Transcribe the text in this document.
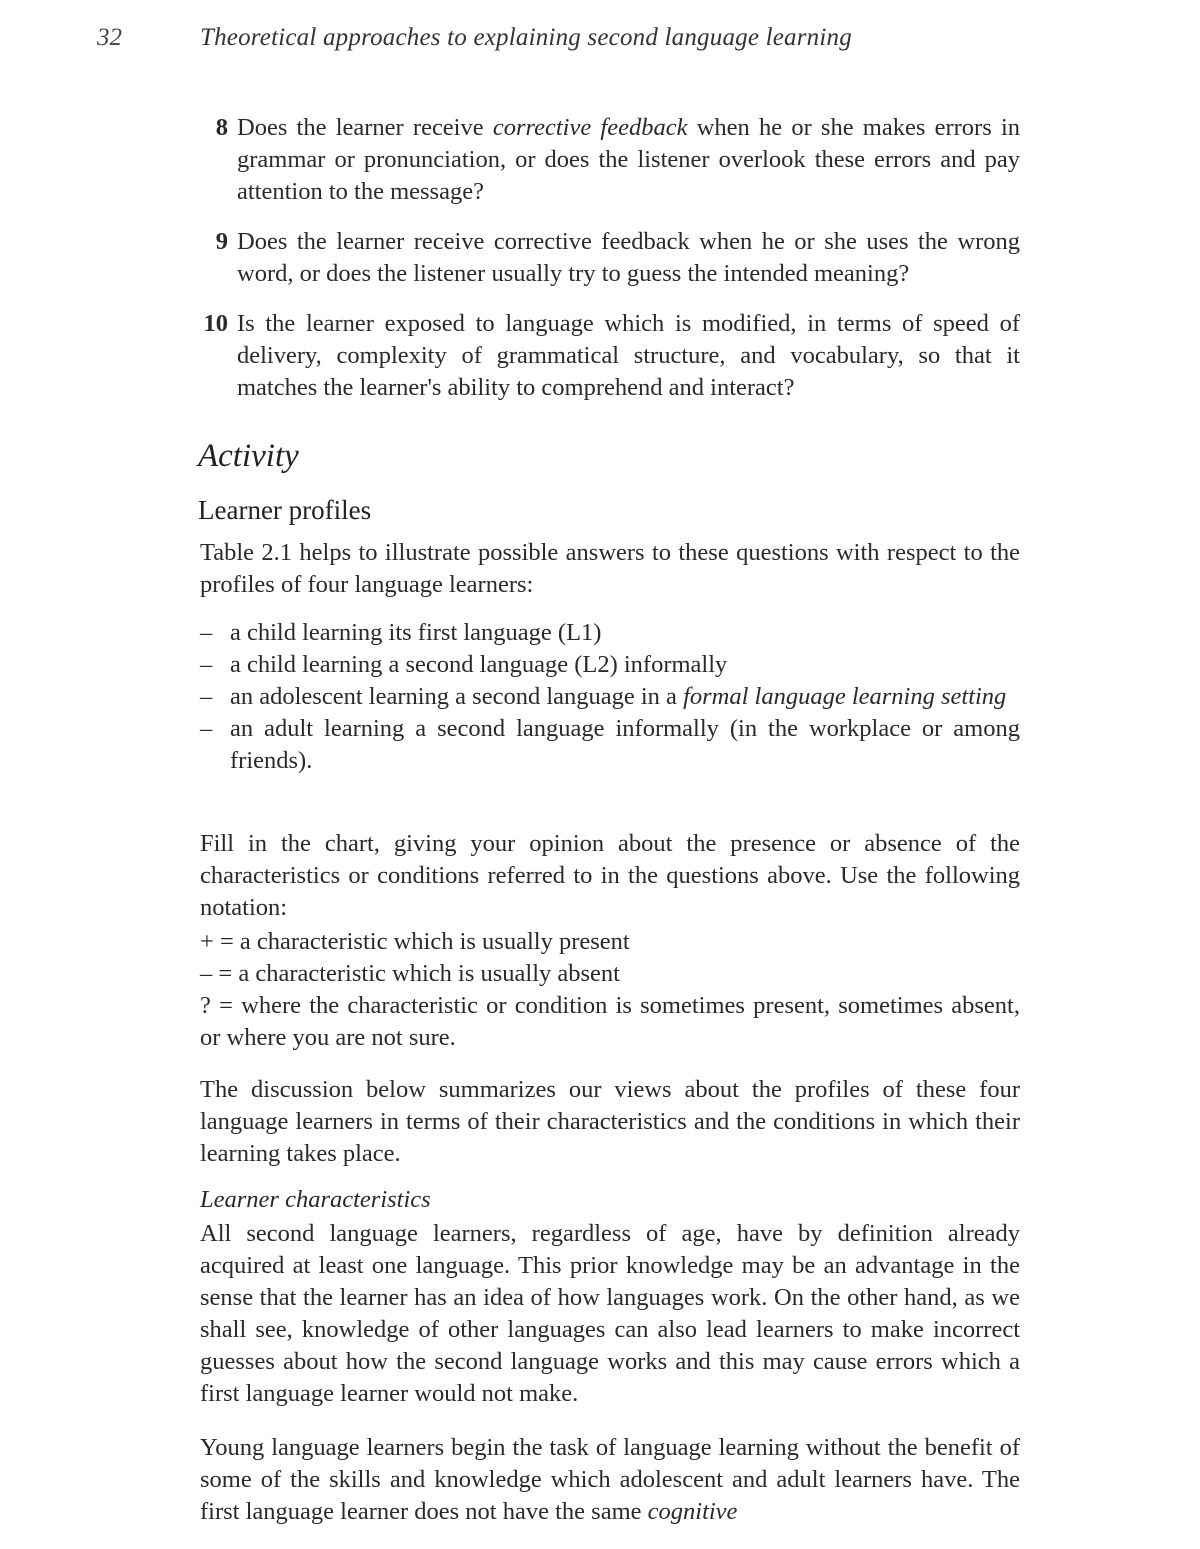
32	Theoretical approaches to explaining second language learning
8 Does the learner receive corrective feedback when he or she makes errors in grammar or pronunciation, or does the listener overlook these errors and pay attention to the message?
9 Does the learner receive corrective feedback when he or she uses the wrong word, or does the listener usually try to guess the intended meaning?
10 Is the learner exposed to language which is modified, in terms of speed of delivery, complexity of grammatical structure, and vocabulary, so that it matches the learner's ability to comprehend and interact?
Activity
Learner profiles

Table 2.1 helps to illustrate possible answers to these questions with respect to the profiles of four language learners:

– a child learning its first language (L1)
– a child learning a second language (L2) informally
– an adolescent learning a second language in a formal language learning setting
– an adult learning a second language informally (in the workplace or among friends).

Fill in the chart, giving your opinion about the presence or absence of the characteristics or conditions referred to in the questions above. Use the following notation:

+ = a characteristic which is usually present
– = a characteristic which is usually absent
? = where the characteristic or condition is sometimes present, sometimes absent, or where you are not sure.

The discussion below summarizes our views about the profiles of these four language learners in terms of their characteristics and the conditions in which their learning takes place.

Learner characteristics

All second language learners, regardless of age, have by definition already acquired at least one language. This prior knowledge may be an advantage in the sense that the learner has an idea of how languages work. On the other hand, as we shall see, knowledge of other languages can also lead learners to make incorrect guesses about how the second language works and this may cause errors which a first language learner would not make.

Young language learners begin the task of language learning without the benefit of some of the skills and knowledge which adolescent and adult learners have. The first language learner does not have the same cognitive
